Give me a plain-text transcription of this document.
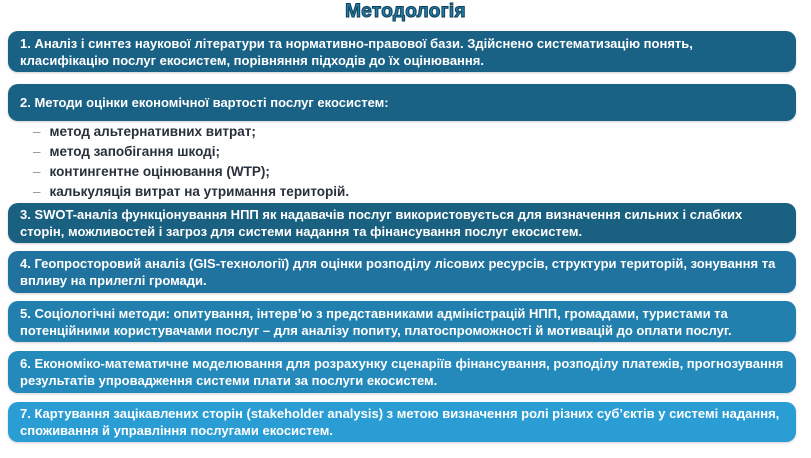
Методологія
1. Аналіз і синтез наукової літератури та нормативно-правової бази. Здійснено систематизацію понять, класифікацію послуг екосистем, порівняння підходів до їх оцінювання.
2. Методи оцінки економічної вартості послуг екосистем:
– метод альтернативних витрат;
– метод запобігання шкоді;
– контингентне оцінювання (WTP);
– калькуляція витрат на утримання територій.
3. SWOT-аналіз функціонування НПП як надавачів послуг використовується для визначення сильних і слабких сторін, можливостей і загроз для системи надання та фінансування послуг екосистем.
4. Геопросторовий аналіз (GIS-технології) для оцінки розподілу лісових ресурсів, структури територій, зонування та впливу на прилеглі громади.
5. Соціологічні методи: опитування, інтерв’ю з представниками адміністрацій НПП, громадами, туристами та потенційними користувачами послуг – для аналізу попиту, платоспроможності й мотивацій до оплати послуг.
6. Економіко-математичне моделювання для розрахунку сценаріїв фінансування, розподілу платежів, прогнозування результатів упровадження системи плати за послуги екосистем.
7. Картування зацікавлених сторін (stakeholder analysis) з метою визначення ролі різних суб’єктів у системі надання, споживання й управління послугами екосистем.
